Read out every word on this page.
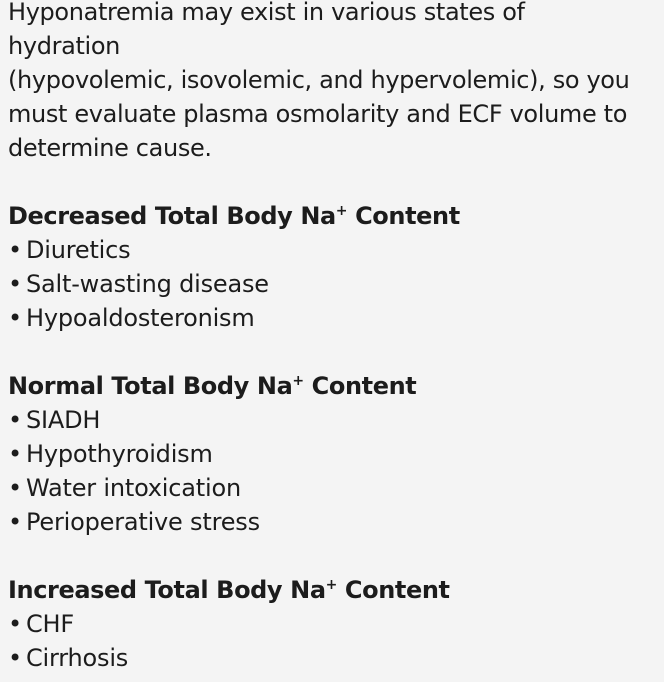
Hyponatremia may exist in various states of
hydration
(hypovolemic, isovolemic, and hypervolemic), so you
must evaluate plasma osmolarity and ECF volume to
determine cause.
Decreased Total Body Na+ Content
• Diuretics
• Salt-wasting disease
• Hypoaldosteronism
Normal Total Body Na+ Content
• SIADH
• Hypothyroidism
• Water intoxication
• Perioperative stress
Increased Total Body Na+ Content
• CHF
• Cirrhosis
